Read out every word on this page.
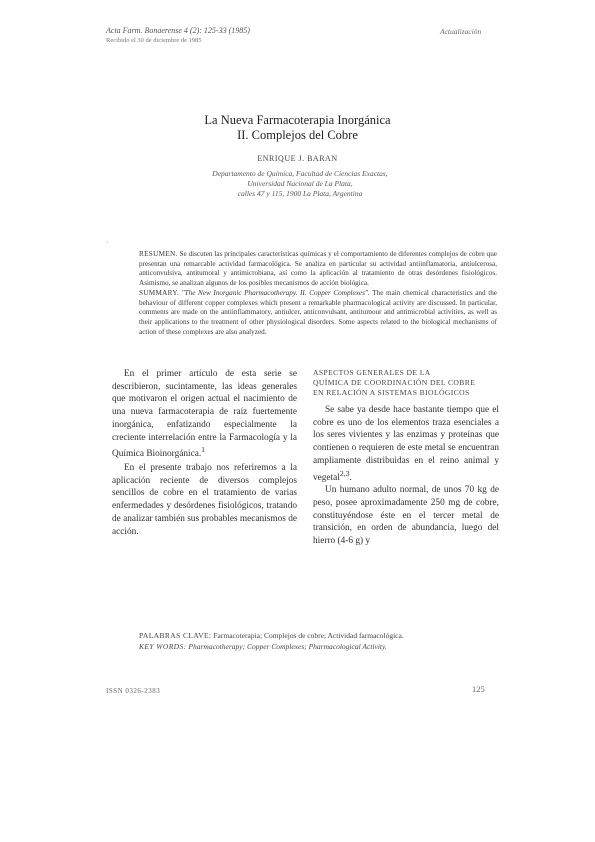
Acta Farm. Bonaerense 4 (2): 125-33 (1985)
Recibido el 30 de diciembre de 1985
Actualización
La Nueva Farmacoterapia Inorgánica
II. Complejos del Cobre
ENRIQUE J. BARAN
Departamento de Química, Facultad de Ciencias Exactas,
Universidad Nacional de La Plata,
calles 47 y 115, 1900 La Plata, Argentina
·
RESUMEN. Se discuten las principales características químicas y el comportamiento de diferentes complejos de cobre que presentan una remarcable actividad farmacológica. Se analiza en particular su actividad antiinflamatoria, antiulcerosa, anticonvulsiva, antitumoral y antimicrobiana, así como la aplicación al tratamiento de otras desórdenes fisiológicos. Asimismo, se analizan algunos de los posibles mecanismos de acción biológica.
SUMMARY. "The New Inorganic Pharmacotherapy. II. Copper Complexes". The main chemical characteristics and the behaviour of different copper complexes which present a remarkable pharmacological activity are discussed. In particular, comments are made on the antiinflammatory, antiulcer, anticonvulsant, antitumour and antimicrobial activities, as well as their applications to the treatment of other physiological disorders. Some aspects related to the biological mechanisms of action of these complexes are also analyzed.

En el primer artículo de esta serie se describieron, sucintamente, las ideas generales que motivaron el origen actual el nacimiento de una nueva farmacoterapia de raíz fuertemente inorgánica, enfatizando especialmente la creciente interrelación entre la Farmacología y la Química Bioinorgánica.$^1$

En el presente trabajo nos referiremos a la aplicación reciente de diversos complejos sencillos de cobre en el tratamiento de varias enfermedades y desórdenes fisiológicos, tratando de analizar también sus probables mecanismos de acción.

ASPECTOS GENERALES DE LA
QUÍMICA DE COORDINACIÓN DEL COBRE
EN RELACIÓN A SISTEMAS BIOLÓGICOS

Se sabe ya desde hace bastante tiempo que el cobre es uno de los elementos traza esenciales a los seres vivientes y las enzimas y proteínas que contienen o requieren de este metal se encuentran ampliamente distribuidas en el reino animal y vegetal$^{2,3}$.

Un humano adulto normal, de unos 70 kg de peso, posee aproximadamente 250 mg de cobre, constituyéndose éste en el tercer metal de transición, en orden de abundancia, luego del hierro (4-6 g) y

PALABRAS CLAVE: Farmacoterapia; Complejos de cobre; Actividad farmacológica.
KEY WORDS: Pharmacotherapy; Copper Complexes; Pharmacological Activity.
ISSN 0326-2383	125
